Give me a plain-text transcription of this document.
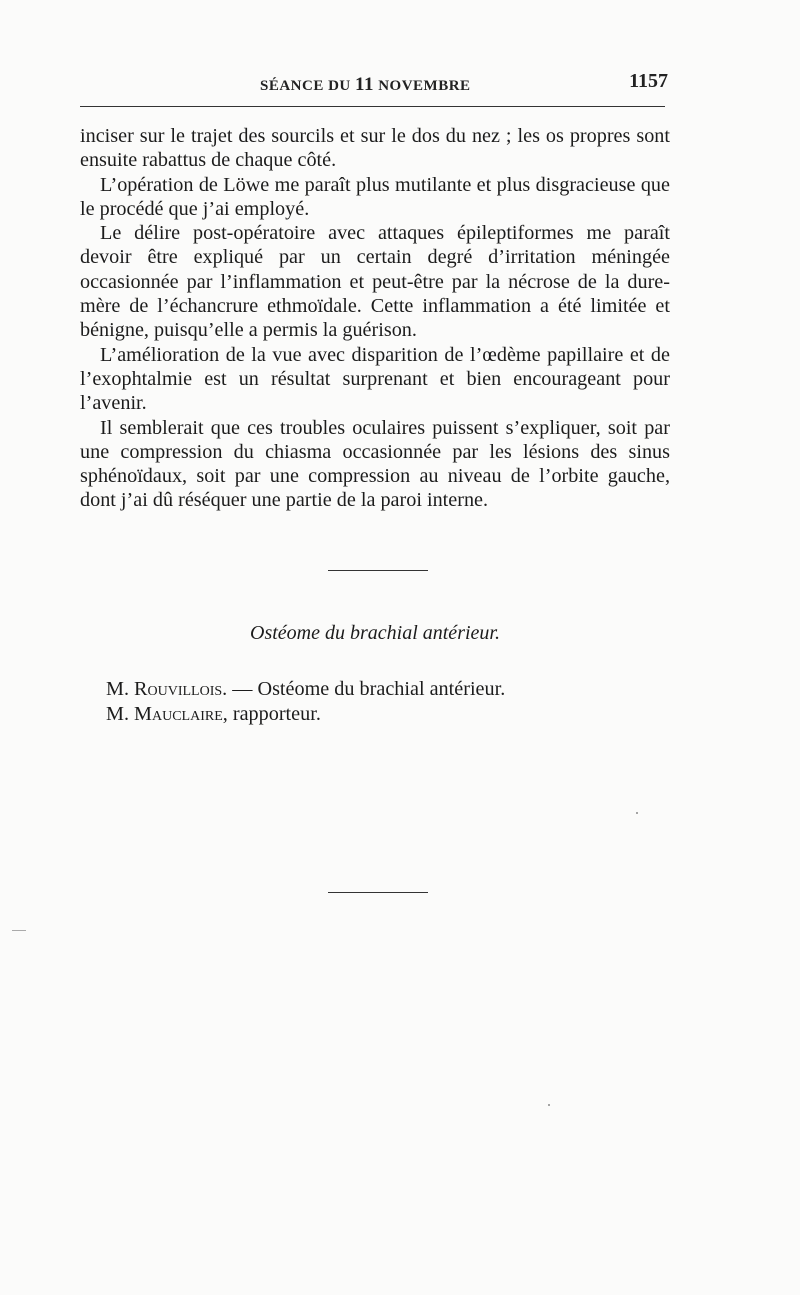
SÉANCE DU 11 NOVEMBRE	1157

inciser sur le trajet des sourcils et sur le dos du nez ; les os propres sont ensuite rabattus de chaque côté.

L’opération de Löwe me paraît plus mutilante et plus disgracieuse que le procédé que j’ai employé.

Le délire post-opératoire avec attaques épileptiformes me paraît devoir être expliqué par un certain degré d’irritation méningée occasionnée par l’inflammation et peut-être par la nécrose de la dure-mère de l’échancrure ethmoïdale. Cette inflammation a été limitée et bénigne, puisqu’elle a permis la guérison.

L’amélioration de la vue avec disparition de l’œdème papillaire et de l’exophtalmie est un résultat surprenant et bien encourageant pour l’avenir.

Il semblerait que ces troubles oculaires puissent s’expliquer, soit par une compression du chiasma occasionnée par les lésions des sinus sphénoïdaux, soit par une compression au niveau de l’orbite gauche, dont j’ai dû réséquer une partie de la paroi interne.

Ostéome du brachial antérieur.
M. Rouvillois. — Ostéome du brachial antérieur.
M. Mauclaire, rapporteur.
